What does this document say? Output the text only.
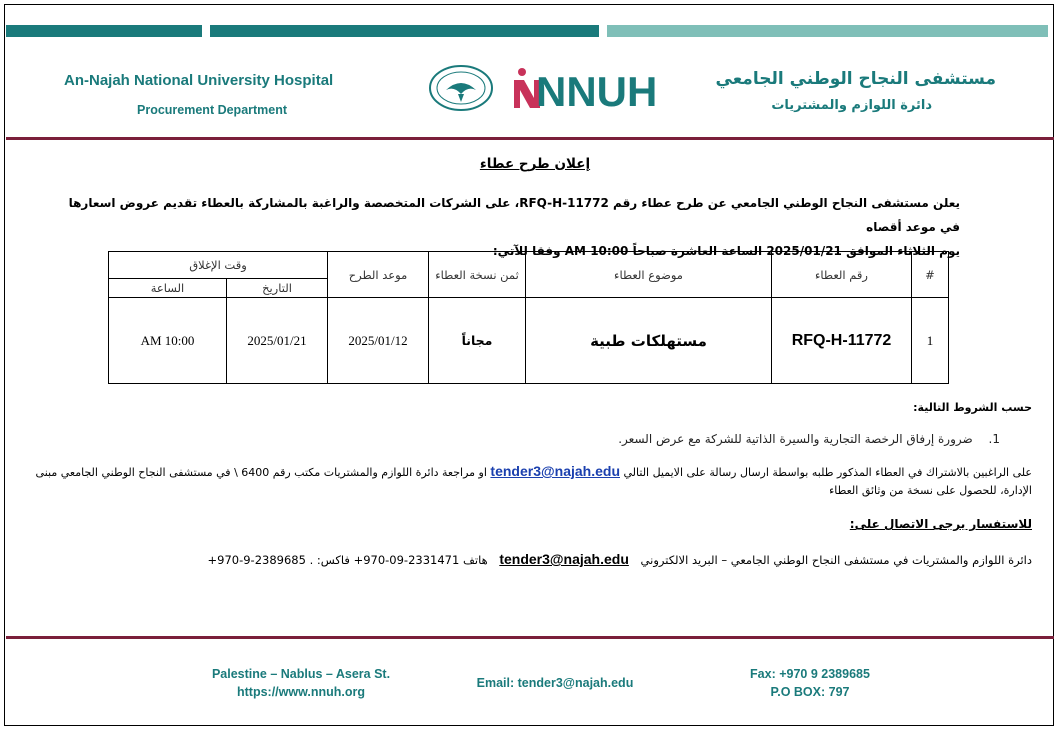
An-Najah National University Hospital
Procurement Department
مستشفى النجاح الوطني الجامعي
دائرة اللوازم والمشتريات
NNUH
إعلان طرح عطاء
يعلن مستشفى النجاح الوطني الجامعي عن طرح عطاء رقم RFQ-H-11772، على الشركات المتخصصة والراغبة بالمشاركة بالعطاء تقديم عروض اسعارها في موعد أقصاه
يوم الثلاثاء الموافق 2025/01/21 الساعة العاشرة صباحاً 10:00 AM وفقا للآتي:
#	رقم العطاء	موضوع العطاء	ثمن نسخة العطاء	موعد الطرح	وقت الإغلاق	
					التاريخ	الساعة
1	RFQ-H-11772	مستهلكات طبية	مجاناً	2025/01/12	2025/01/21	AM 10:00
حسب الشروط التالية:
1. ضرورة إرفاق الرخصة التجارية والسيرة الذاتية للشركة مع عرض السعر.
على الراغبين بالاشتراك في العطاء المذكور طلبه بواسطة ارسال رسالة على الايميل التالي tender3@najah.edu او مراجعة دائرة اللوازم والمشتريات مكتب رقم 6400 \ في مستشفى النجاح الوطني الجامعي مبنى
الإدارة، للحصول على نسخة من وثائق العطاء
للاستفسار يرجى الاتصال على:
دائرة اللوازم والمشتريات في مستشفى النجاح الوطني الجامعي – البريد الالكتروني tender3@najah.edu هاتف +970-09-2331471 فاكس: +970-9-2389685 .
Palestine – Nablus – Asera St.
https://www.nnuh.org
Email: tender3@najah.edu
Fax: +970 9 2389685
P.O BOX: 797
